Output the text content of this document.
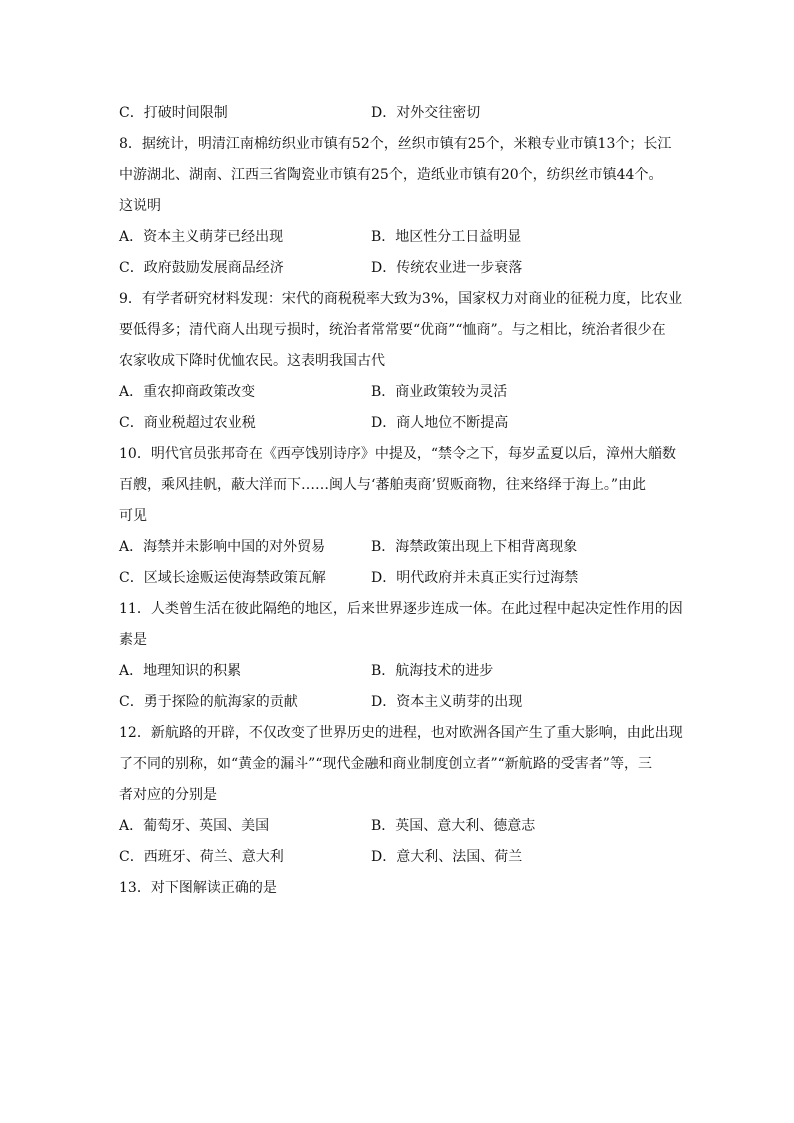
C．打破时间限制	D．对外交往密切
8．据统计，明清江南棉纺织业市镇有52个，丝织市镇有25个，米粮专业市镇13个；长江
中游湖北、湖南、江西三省陶瓷业市镇有25个，造纸业市镇有20个，纺织丝市镇44个。
这说明
A．资本主义萌芽已经出现	B．地区性分工日益明显
C．政府鼓励发展商品经济	D．传统农业进一步衰落
9．有学者研究材料发现：宋代的商税税率大致为3%，国家权力对商业的征税力度，比农业
要低得多；清代商人出现亏损时，统治者常常要“优商”“恤商”。与之相比，统治者很少在
农家收成下降时优恤农民。这表明我国古代
A．重农抑商政策改变	B．商业政策较为灵活
C．商业税超过农业税	D．商人地位不断提高
10．明代官员张邦奇在《西亭饯别诗序》中提及，“禁令之下，每岁孟夏以后，漳州大艏数
百艘，乘风挂帆，蔽大洋而下……闽人与‘蕃舶夷商’贸贩商物，往来络绎于海上。”由此
可见
A．海禁并未影响中国的对外贸易	B．海禁政策出现上下相背离现象
C．区域长途贩运使海禁政策瓦解	D．明代政府并未真正实行过海禁
11．人类曾生活在彼此隔绝的地区，后来世界逐步连成一体。在此过程中起决定性作用的因
素是
A．地理知识的积累	B．航海技术的进步
C．勇于探险的航海家的贡献	D．资本主义萌芽的出现
12．新航路的开辟，不仅改变了世界历史的进程，也对欧洲各国产生了重大影响，由此出现
了不同的别称，如“黄金的漏斗”“现代金融和商业制度创立者”“新航路的受害者”等，三
者对应的分别是
A．葡萄牙、英国、美国	B．英国、意大利、德意志
C．西班牙、荷兰、意大利	D．意大利、法国、荷兰
13．对下图解读正确的是
